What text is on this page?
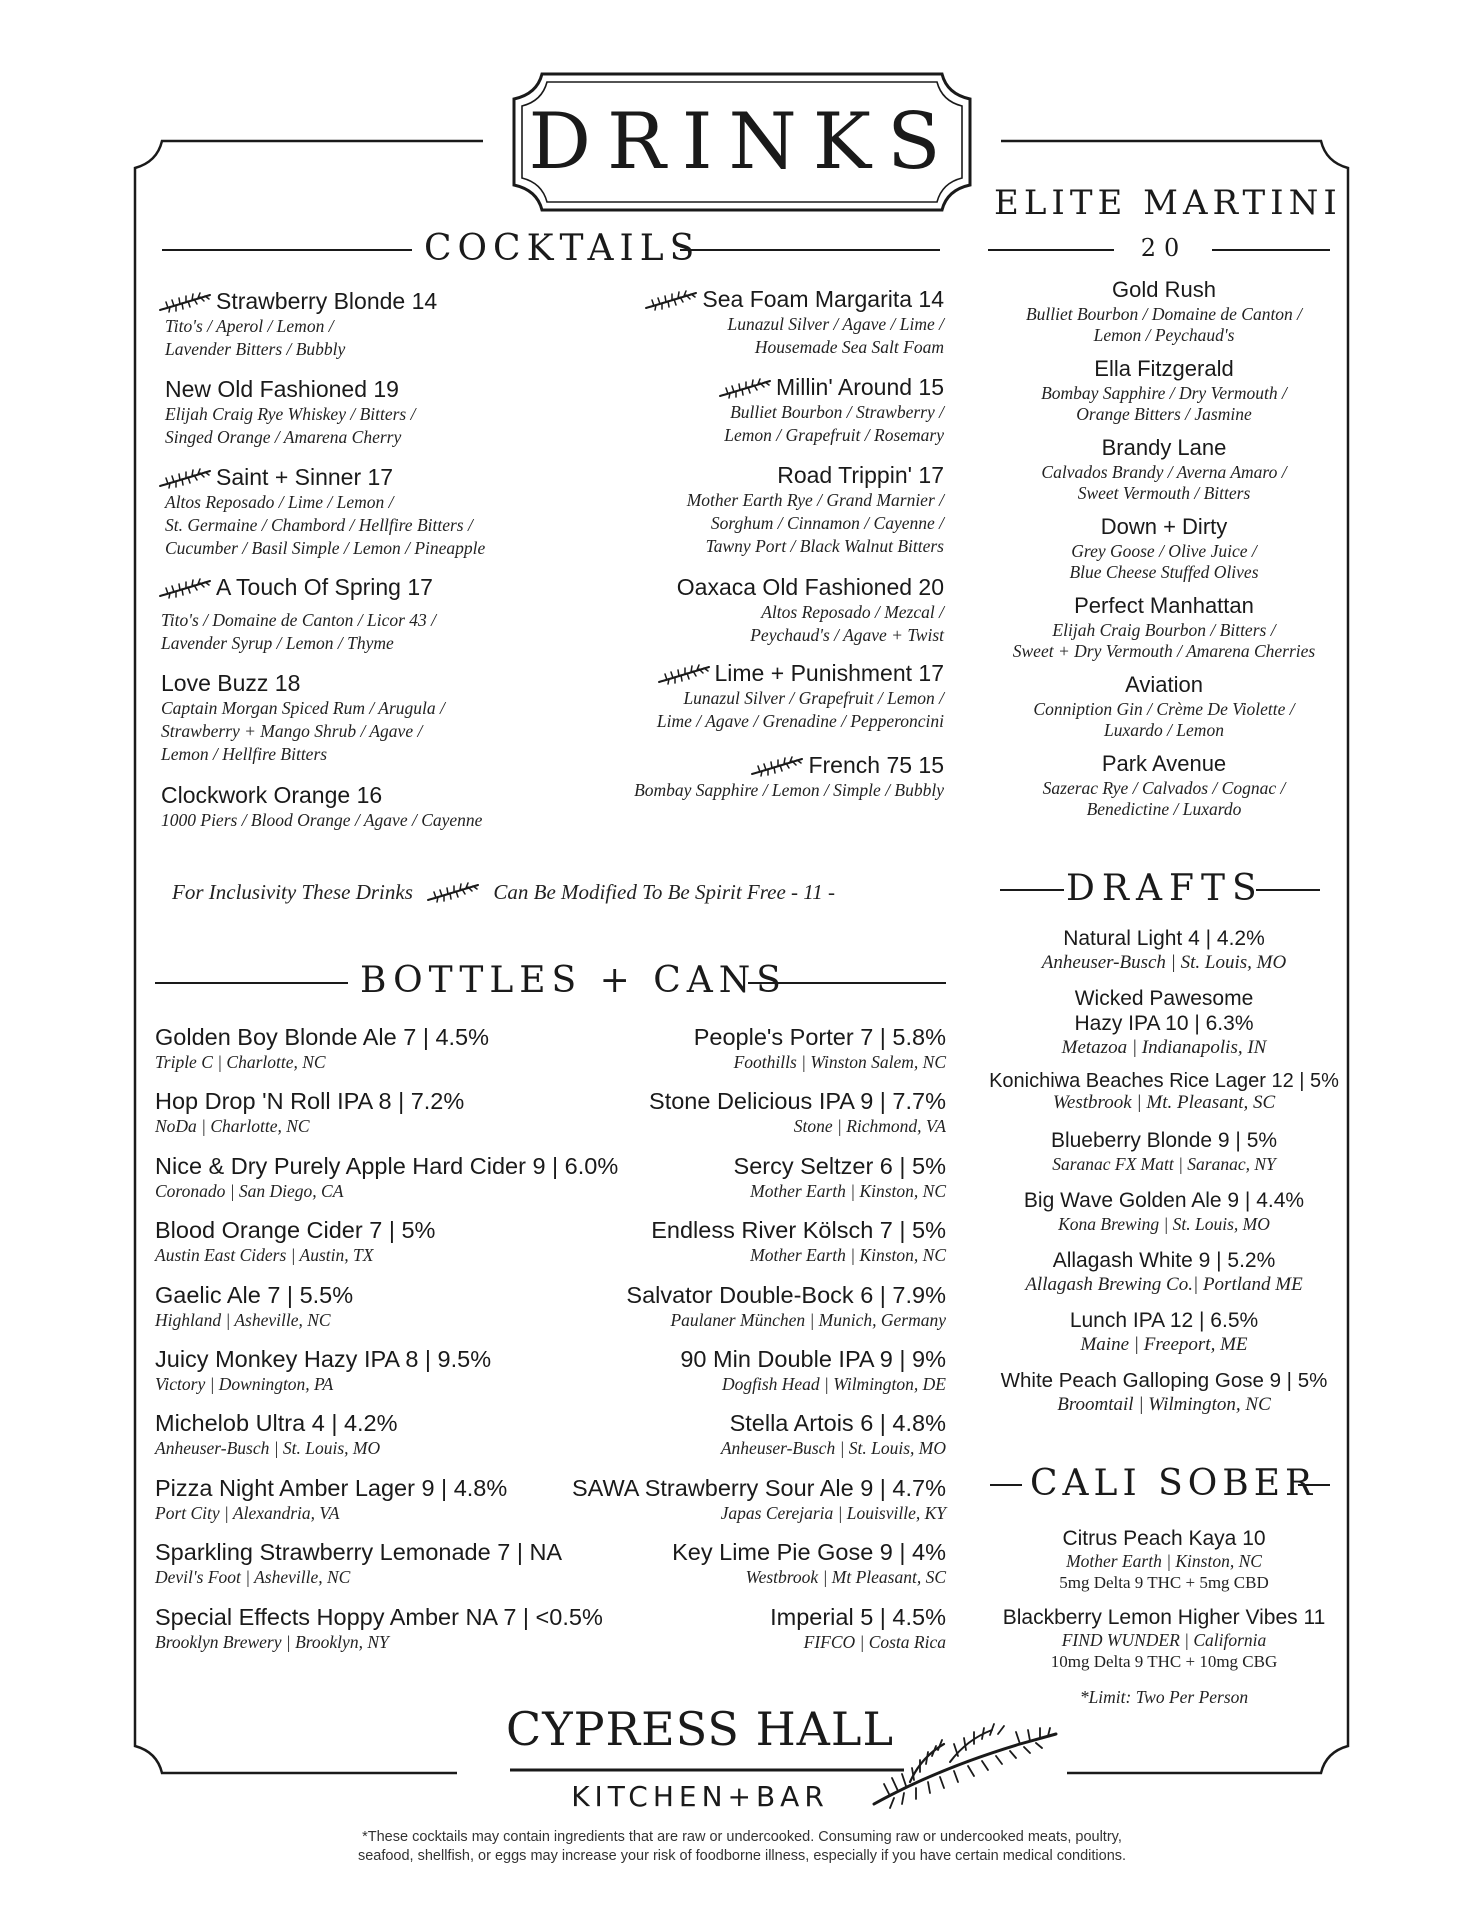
DRINKS
COCKTAILS
ELITE MARTINI
20
DRAFTS
BOTTLES + CANS
CALI SOBER
Strawberry Blonde 14
Tito's / Aperol / Lemon /
Lavender Bitters / Bubbly
New Old Fashioned 19
Elijah Craig Rye Whiskey / Bitters /
Singed Orange / Amarena Cherry
Saint + Sinner 17
Altos Reposado / Lime / Lemon /
St. Germaine / Chambord / Hellfire Bitters /
Cucumber / Basil Simple / Lemon / Pineapple
A Touch Of Spring 17
Tito's / Domaine de Canton / Licor 43 /
Lavender Syrup / Lemon / Thyme
Love Buzz 18
Captain Morgan Spiced Rum / Arugula /
Strawberry + Mango Shrub / Agave /
Lemon / Hellfire Bitters
Clockwork Orange 16
1000 Piers / Blood Orange / Agave / Cayenne
Sea Foam Margarita 14
Lunazul Silver / Agave / Lime /
Housemade Sea Salt Foam
Millin' Around 15
Bulliet Bourbon / Strawberry /
Lemon / Grapefruit / Rosemary
Road Trippin' 17
Mother Earth Rye / Grand Marnier /
Sorghum / Cinnamon / Cayenne /
Tawny Port / Black Walnut Bitters
Oaxaca Old Fashioned 20
Altos Reposado / Mezcal /
Peychaud's / Agave + Twist
Lime + Punishment 17
Lunazul Silver / Grapefruit / Lemon /
Lime / Agave / Grenadine / Pepperoncini
French 75 15
Bombay Sapphire / Lemon / Simple / Bubbly
For Inclusivity These Drinks	Can Be Modified To Be Spirit Free - 11 -
Gold Rush
Bulliet Bourbon / Domaine de Canton /
Lemon / Peychaud's
Ella Fitzgerald
Bombay Sapphire / Dry Vermouth /
Orange Bitters / Jasmine
Brandy Lane
Calvados Brandy / Averna Amaro /
Sweet Vermouth / Bitters
Down + Dirty
Grey Goose / Olive Juice /
Blue Cheese Stuffed Olives
Perfect Manhattan
Elijah Craig Bourbon / Bitters /
Sweet + Dry Vermouth / Amarena Cherries
Aviation
Conniption Gin / Crème De Violette /
Luxardo / Lemon
Park Avenue
Sazerac Rye / Calvados / Cognac /
Benedictine / Luxardo
Natural Light 4 | 4.2%
Anheuser-Busch | St. Louis, MO
Wicked Pawesome
Hazy IPA 10 | 6.3%
Metazoa | Indianapolis, IN
Konichiwa Beaches Rice Lager 12 | 5%
Westbrook | Mt. Pleasant, SC
Blueberry Blonde 9 | 5%
Saranac FX Matt | Saranac, NY
Big Wave Golden Ale 9 | 4.4%
Kona Brewing | St. Louis, MO
Allagash White 9 | 5.2%
Allagash Brewing Co.| Portland ME
Lunch IPA 12 | 6.5%
Maine | Freeport, ME
White Peach Galloping Gose 9 | 5%
Broomtail | Wilmington, NC
Golden Boy Blonde Ale 7 | 4.5%
Triple C | Charlotte, NC
Hop Drop 'N Roll IPA 8 | 7.2%
NoDa | Charlotte, NC
Nice & Dry Purely Apple Hard Cider 9 | 6.0%
Coronado | San Diego, CA
Blood Orange Cider 7 | 5%
Austin East Ciders | Austin, TX
Gaelic Ale 7 | 5.5%
Highland | Asheville, NC
Juicy Monkey Hazy IPA 8 | 9.5%
Victory | Downington, PA
Michelob Ultra 4 | 4.2%
Anheuser-Busch | St. Louis, MO
Pizza Night Amber Lager 9 | 4.8%
Port City | Alexandria, VA
Sparkling Strawberry Lemonade 7 | NA
Devil's Foot | Asheville, NC
Special Effects Hoppy Amber NA 7 | <0.5%
Brooklyn Brewery | Brooklyn, NY
People's Porter 7 | 5.8%
Foothills | Winston Salem, NC
Stone Delicious IPA 9 | 7.7%
Stone | Richmond, VA
Sercy Seltzer 6 | 5%
Mother Earth | Kinston, NC
Endless River Kölsch 7 | 5%
Mother Earth | Kinston, NC
Salvator Double-Bock 6 | 7.9%
Paulaner München | Munich, Germany
90 Min Double IPA 9 | 9%
Dogfish Head | Wilmington, DE
Stella Artois 6 | 4.8%
Anheuser-Busch | St. Louis, MO
SAWA Strawberry Sour Ale 9 | 4.7%
Japas Cerejaria | Louisville, KY
Key Lime Pie Gose 9 | 4%
Westbrook | Mt Pleasant, SC
Imperial 5 | 4.5%
FIFCO | Costa Rica
Citrus Peach Kaya 10
Mother Earth | Kinston, NC
5mg Delta 9 THC + 5mg CBD
Blackberry Lemon Higher Vibes 11
FIND WUNDER | California
10mg Delta 9 THC + 10mg CBG
*Limit: Two Per Person
CYPRESS HALL
KITCHEN+BAR
*These cocktails may contain ingredients that are raw or undercooked. Consuming raw or undercooked meats, poultry,
seafood, shellfish, or eggs may increase your risk of foodborne illness, especially if you have certain medical conditions.
